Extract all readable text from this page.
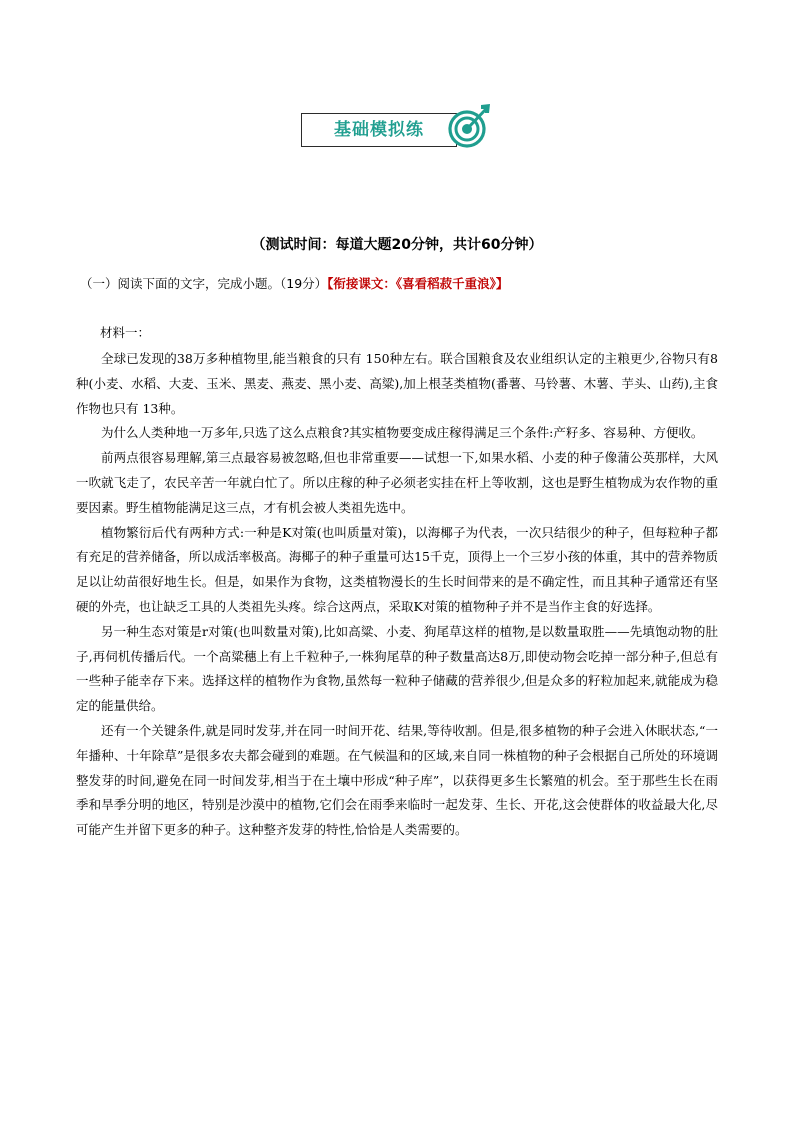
基础模拟练
（测试时间：每道大题20分钟，共计60分钟）
（一）阅读下面的文字，完成小题。（19分）【衔接课文：《喜看稻菽千重浪》】
材料一：

全球已发现的38万多种植物里,能当粮食的只有 150种左右。联合国粮食及农业组织认定的主粮更少,谷物只有8种(小麦、水稻、大麦、玉米、黑麦、燕麦、黑小麦、高粱),加上根茎类植物(番薯、马铃薯、木薯、芋头、山药),主食作物也只有 13种。

为什么人类种地一万多年,只选了这么点粮食?其实植物要变成庄稼得满足三个条件:产籽多、容易种、方便收。

前两点很容易理解,第三点最容易被忽略,但也非常重要——试想一下,如果水稻、小麦的种子像蒲公英那样，大风一吹就飞走了，农民辛苦一年就白忙了。所以庄稼的种子必须老实挂在杆上等收割，这也是野生植物成为农作物的重要因素。野生植物能满足这三点，才有机会被人类祖先选中。

植物繁衍后代有两种方式:一种是K对策(也叫质量对策)，以海椰子为代表，一次只结很少的种子，但每粒种子都有充足的营养储备，所以成活率极高。海椰子的种子重量可达15千克，顶得上一个三岁小孩的体重，其中的营养物质足以让幼苗很好地生长。但是，如果作为食物，这类植物漫长的生长时间带来的是不确定性，而且其种子通常还有坚硬的外壳，也让缺乏工具的人类祖先头疼。综合这两点，采取K对策的植物种子并不是当作主食的好选择。

另一种生态对策是r对策(也叫数量对策),比如高粱、小麦、狗尾草这样的植物,是以数量取胜——先填饱动物的肚子,再伺机传播后代。一个高粱穗上有上千粒种子,一株狗尾草的种子数量高达8万,即使动物会吃掉一部分种子,但总有一些种子能幸存下来。选择这样的植物作为食物,虽然每一粒种子储藏的营养很少,但是众多的籽粒加起来,就能成为稳定的能量供给。

还有一个关键条件,就是同时发芽,并在同一时间开花、结果,等待收割。但是,很多植物的种子会进入休眠状态,“一年播种、十年除草”是很多农夫都会碰到的难题。在气候温和的区域,来自同一株植物的种子会根据自己所处的环境调整发芽的时间,避免在同一时间发芽,相当于在土壤中形成“种子库”，以获得更多生长繁殖的机会。至于那些生长在雨季和旱季分明的地区，特别是沙漠中的植物,它们会在雨季来临时一起发芽、生长、开花,这会使群体的收益最大化,尽可能产生并留下更多的种子。这种整齐发芽的特性,恰恰是人类需要的。
